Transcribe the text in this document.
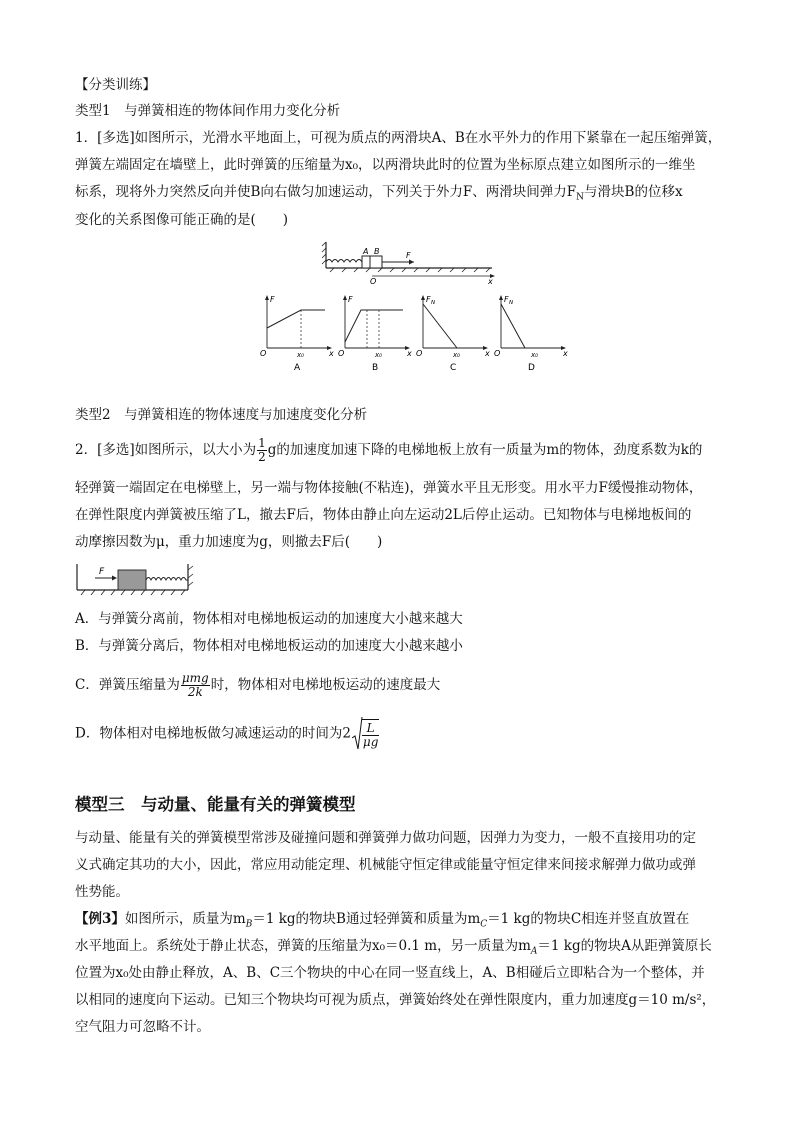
【分类训练】
类型1　与弹簧相连的物体间作用力变化分析
1．[多选]如图所示，光滑水平地面上，可视为质点的两滑块A、B在水平外力的作用下紧靠在一起压缩弹簧，
弹簧左端固定在墙壁上，此时弹簧的压缩量为x₀，以两滑块此时的位置为坐标原点建立如图所示的一维坐
标系，现将外力突然反向并使B向右做匀加速运动，下列关于外力F、两滑块间弹力$F_N$与滑块B的位移x
变化的关系图像可能正确的是(　　)
A B	F
O	x
O	x
x₀
F
A
O	x
x₀
F
B
O	x
x₀
F N
C
O	x
x₀
F N
D
类型2　与弹簧相连的物体速度与加速度变化分析
2．[多选]如图所示，以大小为 $\frac{1}{2}$ g的加速度加速下降的电梯地板上放有一质量为m的物体，劲度系数为k的
轻弹簧一端固定在电梯壁上，另一端与物体接触(不粘连)，弹簧水平且无形变。用水平力F缓慢推动物体，
在弹性限度内弹簧被压缩了L，撤去F后，物体由静止向左运动2L后停止运动。已知物体与电梯地板间的
动摩擦因数为μ，重力加速度为g，则撤去F后(　　)
F
A．与弹簧分离前，物体相对电梯地板运动的加速度大小越来越大
B．与弹簧分离后，物体相对电梯地板运动的加速度大小越来越小
C．弹簧压缩量为 $\frac{\text{μmg}}{2k}$ 时，物体相对电梯地板运动的速度最大
D．物体相对电梯地板做匀减速运动的时间为$2 \frac{L}{\mu g}$
模型三　与动量、能量有关的弹簧模型
与动量、能量有关的弹簧模型常涉及碰撞问题和弹簧弹力做功问题，因弹力为变力，一般不直接用功的定
义式确定其功的大小，因此，常应用动能定理、机械能守恒定律或能量守恒定律来间接求解弹力做功或弹
性势能。
【例3】如图所示，质量为$m_B=1$ kg的物块B通过轻弹簧和质量为$m_C=1$ kg的物块C相连并竖直放置在
水平地面上。系统处于静止状态，弹簧的压缩量为x₀＝0.1 m，另一质量为$m_A=1$ kg的物块A从距弹簧原长
位置为x₀处由静止释放，A、B、C三个物块的中心在同一竖直线上，A、B相碰后立即粘合为一个整体，并
以相同的速度向下运动。已知三个物块均可视为质点，弹簧始终处在弹性限度内，重力加速度g＝10 m/s²，
空气阻力可忽略不计。
